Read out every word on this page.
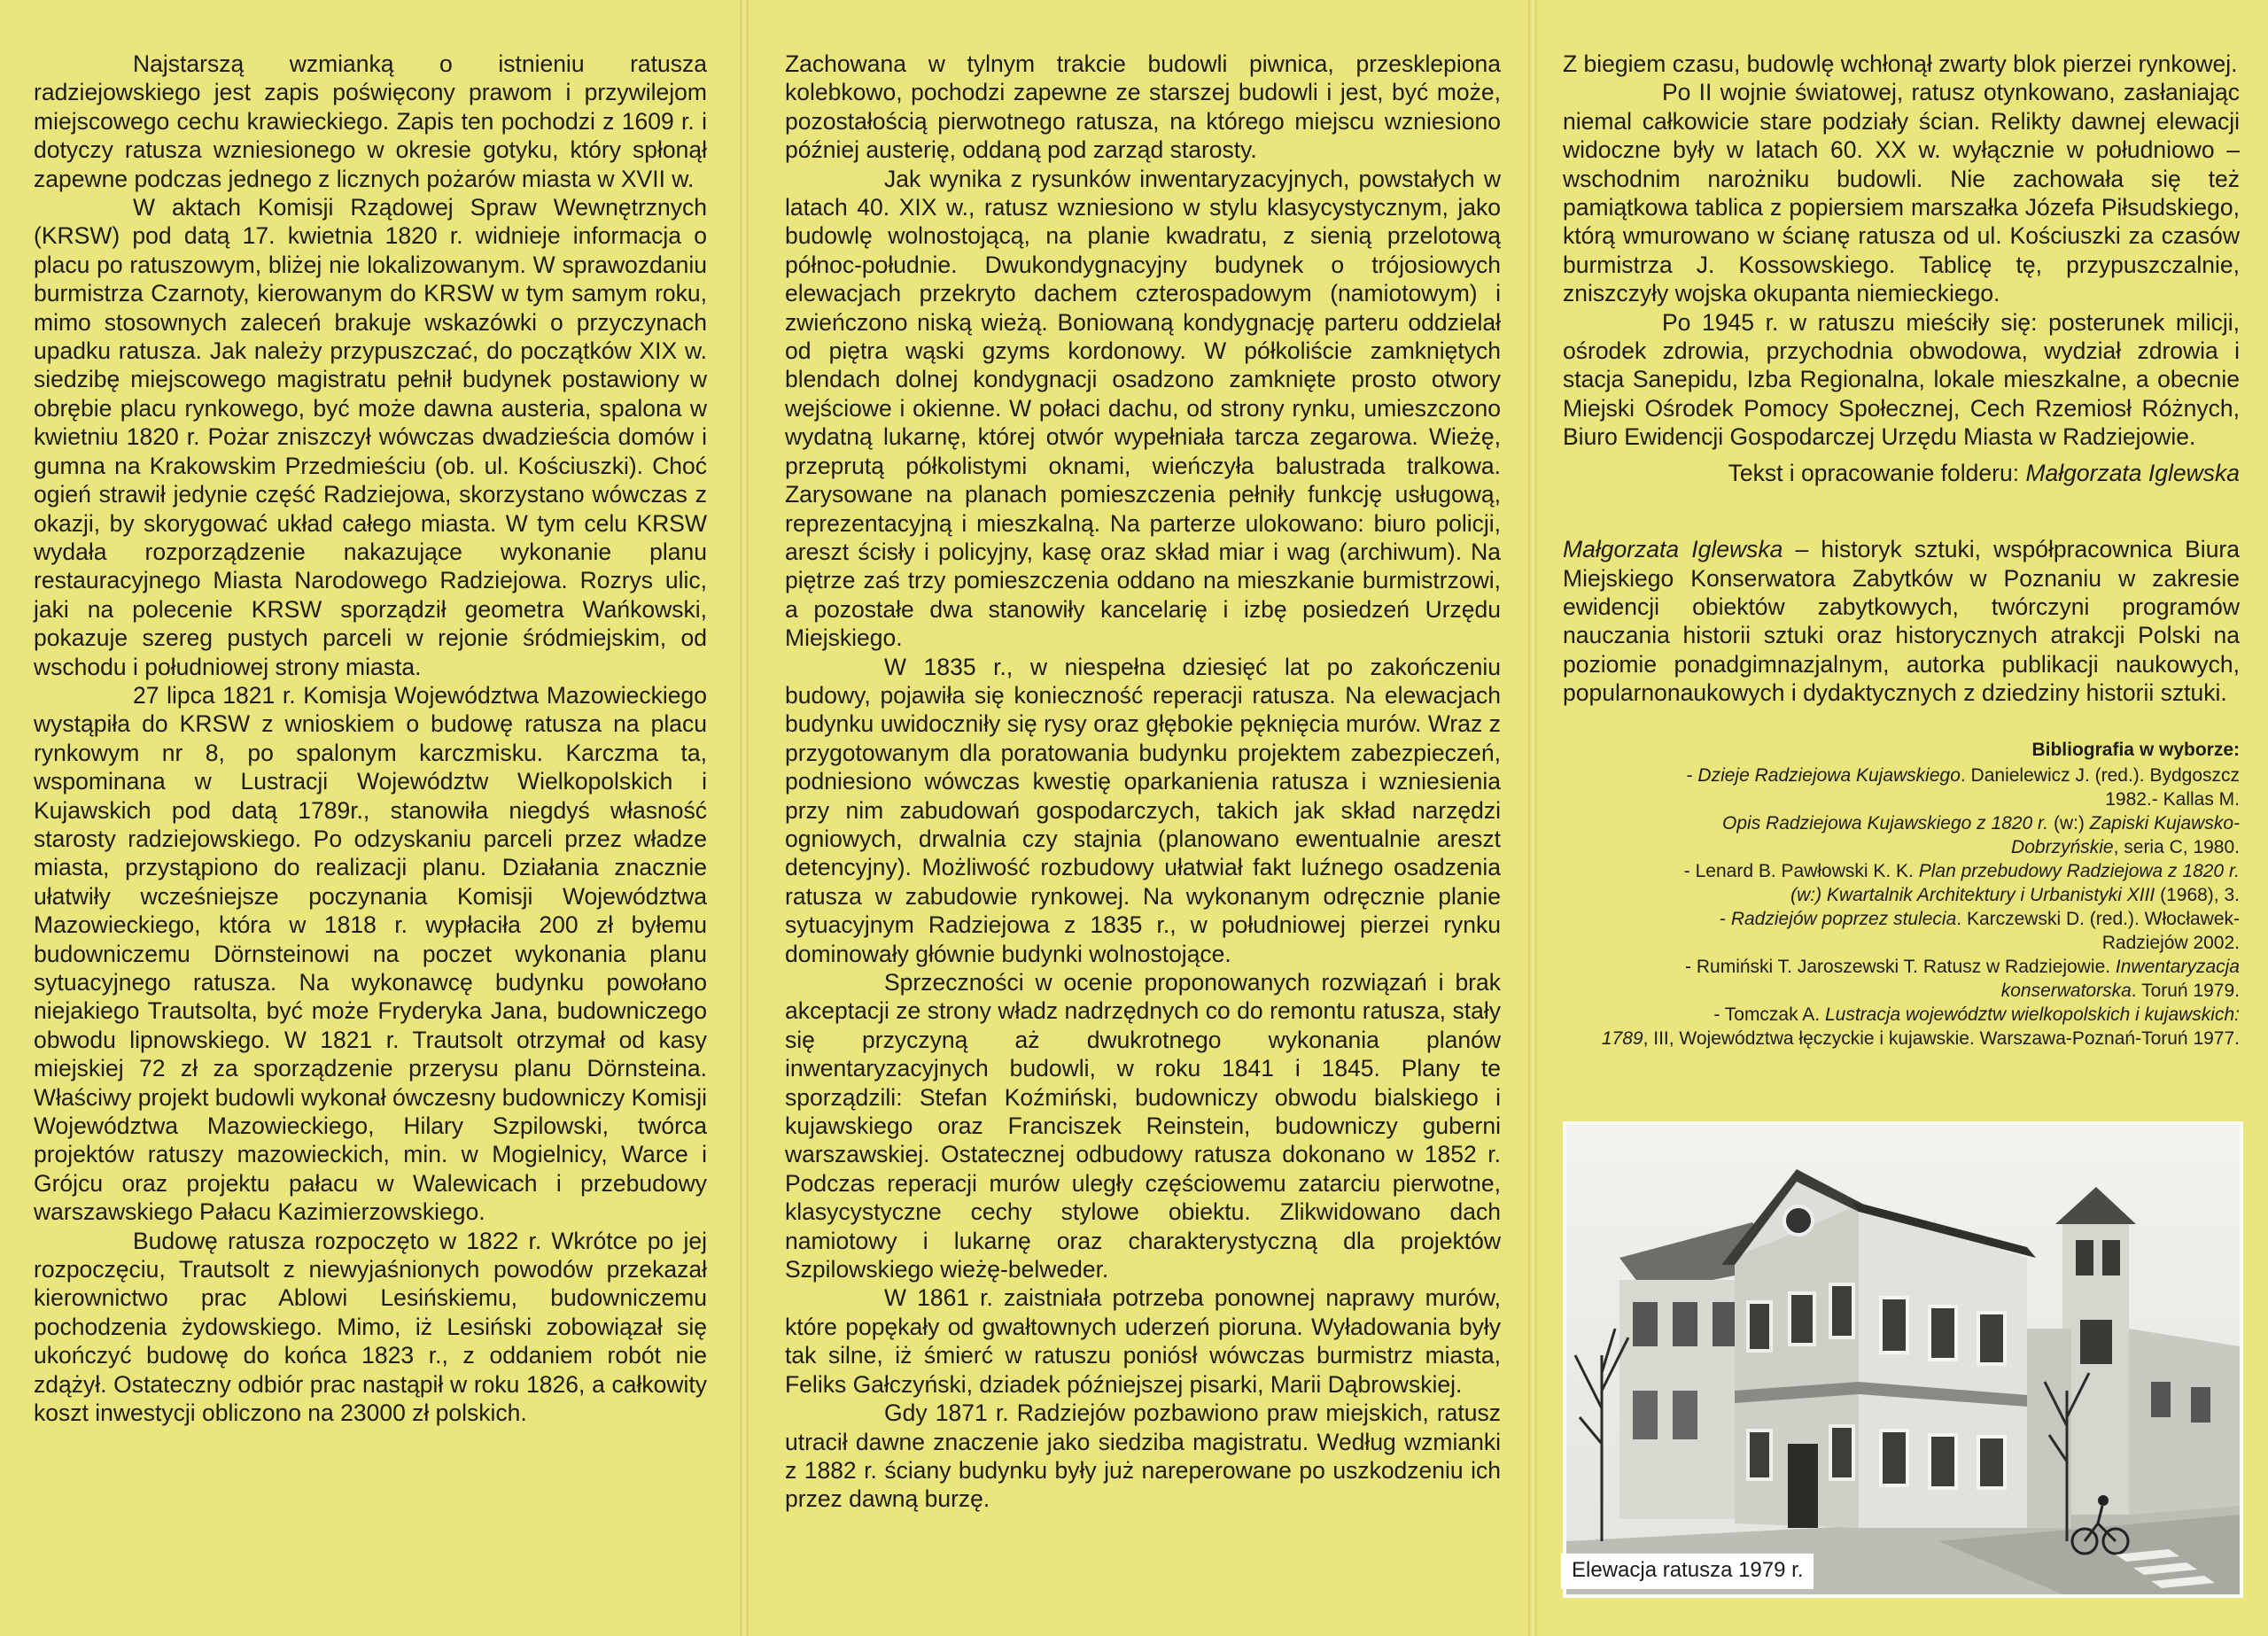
Najstarszą wzmianką o istnieniu ratusza radziejowskiego jest zapis poświęcony prawom i przywilejom miejscowego cechu krawieckiego. Zapis ten pochodzi z 1609 r. i dotyczy ratusza wzniesionego w okresie gotyku, który spłonął zapewne podczas jednego z licznych pożarów miasta w XVII w.

W aktach Komisji Rządowej Spraw Wewnętrznych (KRSW) pod datą 17. kwietnia 1820 r. widnieje informacja o placu po ratuszowym, bliżej nie lokalizowanym. W sprawozdaniu burmistrza Czarnoty, kierowanym do KRSW w tym samym roku, mimo stosownych zaleceń brakuje wskazówki o przyczynach upadku ratusza. Jak należy przypuszczać, do początków XIX w. siedzibę miejscowego magistratu pełnił budynek postawiony w obrębie placu rynkowego, być może dawna austeria, spalona w kwietniu 1820 r. Pożar zniszczył wówczas dwadzieścia domów i gumna na Krakowskim Przedmieściu (ob. ul. Kościuszki). Choć ogień strawił jedynie część Radziejowa, skorzystano wówczas z okazji, by skorygować układ całego miasta. W tym celu KRSW wydała rozporządzenie nakazujące wykonanie planu restauracyjnego Miasta Narodowego Radziejowa. Rozrys ulic, jaki na polecenie KRSW sporządził geometra Wańkowski, pokazuje szereg pustych parceli w rejonie śródmiejskim, od wschodu i południowej strony miasta.

27 lipca 1821 r. Komisja Województwa Mazowieckiego wystąpiła do KRSW z wnioskiem o budowę ratusza na placu rynkowym nr 8, po spalonym karczmisku. Karczma ta, wspominana w Lustracji Województw Wielkopolskich i Kujawskich pod datą 1789r., stanowiła niegdyś własność starosty radziejowskiego. Po odzyskaniu parceli przez władze miasta, przystąpiono do realizacji planu. Działania znacznie ułatwiły wcześniejsze poczynania Komisji Województwa Mazowieckiego, która w 1818 r. wypłaciła 200 zł byłemu budowniczemu Dörnsteinowi na poczet wykonania planu sytuacyjnego ratusza. Na wykonawcę budynku powołano niejakiego Trautsolta, być może Fryderyka Jana, budowniczego obwodu lipnowskiego. W 1821 r. Trautsolt otrzymał od kasy miejskiej 72 zł za sporządzenie przerysu planu Dörnsteina. Właściwy projekt budowli wykonał ówczesny budowniczy Komisji Województwa Mazowieckiego, Hilary Szpilowski, twórca projektów ratuszy mazowieckich, min. w Mogielnicy, Warce i Grójcu oraz projektu pałacu w Walewicach i przebudowy warszawskiego Pałacu Kazimierzowskiego.

Budowę ratusza rozpoczęto w 1822 r. Wkrótce po jej rozpoczęciu, Trautsolt z niewyjaśnionych powodów przekazał kierownictwo prac Ablowi Lesińskiemu, budowniczemu pochodzenia żydowskiego. Mimo, iż Lesiński zobowiązał się ukończyć budowę do końca 1823 r., z oddaniem robót nie zdążył. Ostateczny odbiór prac nastąpił w roku 1826, a całkowity koszt inwestycji obliczono na 23000 zł polskich.

Zachowana w tylnym trakcie budowli piwnica, przesklepiona kolebkowo, pochodzi zapewne ze starszej budowli i jest, być może, pozostałością pierwotnego ratusza, na którego miejscu wzniesiono później austerię, oddaną pod zarząd starosty.

Jak wynika z rysunków inwentaryzacyjnych, powstałych w latach 40. XIX w., ratusz wzniesiono w stylu klasycystycznym, jako budowlę wolnostojącą, na planie kwadratu, z sienią przelotową północ-południe. Dwukondygnacyjny budynek o trójosiowych elewacjach przekryto dachem czterospadowym (namiotowym) i zwieńczono niską wieżą. Boniowaną kondygnację parteru oddzielał od piętra wąski gzyms kordonowy. W półkoliście zamkniętych blendach dolnej kondygnacji osadzono zamknięte prosto otwory wejściowe i okienne. W połaci dachu, od strony rynku, umieszczono wydatną lukarnę, której otwór wypełniała tarcza zegarowa. Wieżę, przeprutą półkolistymi oknami, wieńczyła balustrada tralkowa. Zarysowane na planach pomieszczenia pełniły funkcję usługową, reprezentacyjną i mieszkalną. Na parterze ulokowano: biuro policji, areszt ścisły i policyjny, kasę oraz skład miar i wag (archiwum). Na piętrze zaś trzy pomieszczenia oddano na mieszkanie burmistrzowi, a pozostałe dwa stanowiły kancelarię i izbę posiedzeń Urzędu Miejskiego.

W 1835 r., w niespełna dziesięć lat po zakończeniu budowy, pojawiła się konieczność reperacji ratusza. Na elewacjach budynku uwidoczniły się rysy oraz głębokie pęknięcia murów. Wraz z przygotowanym dla poratowania budynku projektem zabezpieczeń, podniesiono wówczas kwestię oparkanienia ratusza i wzniesienia przy nim zabudowań gospodarczych, takich jak skład narzędzi ogniowych, drwalnia czy stajnia (planowano ewentualnie areszt detencyjny). Możliwość rozbudowy ułatwiał fakt luźnego osadzenia ratusza w zabudowie rynkowej. Na wykonanym odręcznie planie sytuacyjnym Radziejowa z 1835 r., w południowej pierzei rynku dominowały głównie budynki wolnostojące.

Sprzeczności w ocenie proponowanych rozwiązań i brak akceptacji ze strony władz nadrzędnych co do remontu ratusza, stały się przyczyną aż dwukrotnego wykonania planów inwentaryzacyjnych budowli, w roku 1841 i 1845. Plany te sporządzili: Stefan Koźmiński, budowniczy obwodu bialskiego i kujawskiego oraz Franciszek Reinstein, budowniczy guberni warszawskiej. Ostatecznej odbudowy ratusza dokonano w 1852 r. Podczas reperacji murów uległy częściowemu zatarciu pierwotne, klasycystyczne cechy stylowe obiektu. Zlikwidowano dach namiotowy i lukarnę oraz charakterystyczną dla projektów Szpilowskiego wieżę-belweder.

W 1861 r. zaistniała potrzeba ponownej naprawy murów, które popękały od gwałtownych uderzeń pioruna. Wyładowania były tak silne, iż śmierć w ratuszu poniósł wówczas burmistrz miasta, Feliks Gałczyński, dziadek późniejszej pisarki, Marii Dąbrowskiej.

Gdy 1871 r. Radziejów pozbawiono praw miejskich, ratusz utracił dawne znaczenie jako siedziba magistratu. Według wzmianki z 1882 r. ściany budynku były już nareperowane po uszkodzeniu ich przez dawną burzę.

Z biegiem czasu, budowlę wchłonął zwarty blok pierzei rynkowej.

Po II wojnie światowej, ratusz otynkowano, zasłaniając niemal całkowicie stare podziały ścian. Relikty dawnej elewacji widoczne były w latach 60. XX w. wyłącznie w południowo – wschodnim narożniku budowli. Nie zachowała się też pamiątkowa tablica z popiersiem marszałka Józefa Piłsudskiego, którą wmurowano w ścianę ratusza od ul. Kościuszki za czasów burmistrza J. Kossowskiego. Tablicę tę, przypuszczalnie, zniszczyły wojska okupanta niemieckiego.

Po 1945 r. w ratuszu mieściły się: posterunek milicji, ośrodek zdrowia, przychodnia obwodowa, wydział zdrowia i stacja Sanepidu, Izba Regionalna, lokale mieszkalne, a obecnie Miejski Ośrodek Pomocy Społecznej, Cech Rzemiosł Różnych, Biuro Ewidencji Gospodarczej Urzędu Miasta w Radziejowie.

Tekst i opracowanie folderu: Małgorzata Iglewska

Małgorzata Iglewska – historyk sztuki, współpracownica Biura Miejskiego Konserwatora Zabytków w Poznaniu w zakresie ewidencji obiektów zabytkowych, twórczyni programów nauczania historii sztuki oraz historycznych atrakcji Polski na poziomie ponadgimnazjalnym, autorka publikacji naukowych, popularnonaukowych i dydaktycznych z dziedziny historii sztuki.

Bibliografia w wyborze:

- Dzieje Radziejowa Kujawskiego. Danielewicz J. (red.). Bydgoszcz 1982.- Kallas M.

Opis Radziejowa Kujawskiego z 1820 r. (w:) Zapiski Kujawsko-Dobrzyńskie, seria C, 1980.

- Lenard B. Pawłowski K. K. Plan przebudowy Radziejowa z 1820 r. (w:) Kwartalnik Architektury i Urbanistyki XIII (1968), 3.

- Radziejów poprzez stulecia. Karczewski D. (red.). Włocławek-Radziejów 2002.

- Rumiński T. Jaroszewski T. Ratusz w Radziejowie. Inwentaryzacja konserwatorska. Toruń 1979.

- Tomczak A. Lustracja województw wielkopolskich i kujawskich: 1789, III, Województwa łęczyckie i kujawskie. Warszawa-Poznań-Toruń 1977.

Elewacja ratusza 1979 r.
